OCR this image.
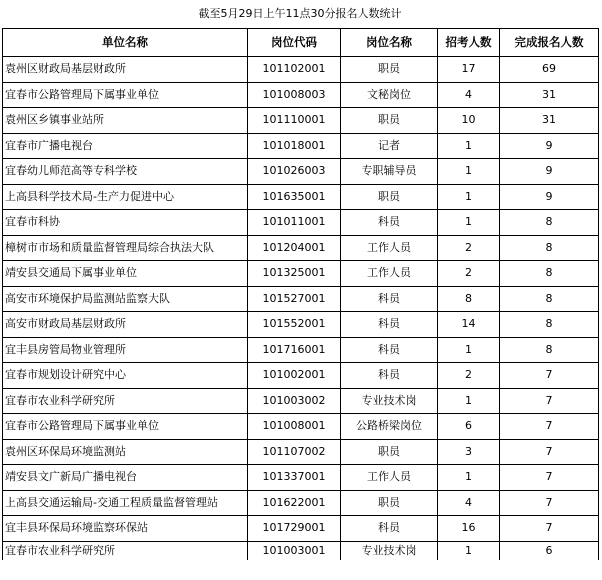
截至5月29日上午11点30分报名人数统计
单位名称	岗位代码	岗位名称	招考人数	完成报名人数
袁州区财政局基层财政所	101102001	职员	17	69
宜春市公路管理局下属事业单位	101008003	文秘岗位	4	31
袁州区乡镇事业站所	101110001	职员	10	31
宜春市广播电视台	101018001	记者	1	9
宜春幼儿师范高等专科学校	101026003	专职辅导员	1	9
上高县科学技术局-生产力促进中心	101635001	职员	1	9
宜春市科协	101011001	科员	1	8
樟树市市场和质量监督管理局综合执法大队	101204001	工作人员	2	8
靖安县交通局下属事业单位	101325001	工作人员	2	8
高安市环境保护局监测站监察大队	101527001	科员	8	8
高安市财政局基层财政所	101552001	科员	14	8
宜丰县房管局物业管理所	101716001	科员	1	8
宜春市规划设计研究中心	101002001	科员	2	7
宜春市农业科学研究所	101003002	专业技术岗	1	7
宜春市公路管理局下属事业单位	101008001	公路桥梁岗位	6	7
袁州区环保局环境监测站	101107002	职员	3	7
靖安县文广新局广播电视台	101337001	工作人员	1	7
上高县交通运输局-交通工程质量监督管理站	101622001	职员	4	7
宜丰县环保局环境监察环保站	101729001	科员	16	7
宜春市农业科学研究所	101003001	专业技术岗	1	6
